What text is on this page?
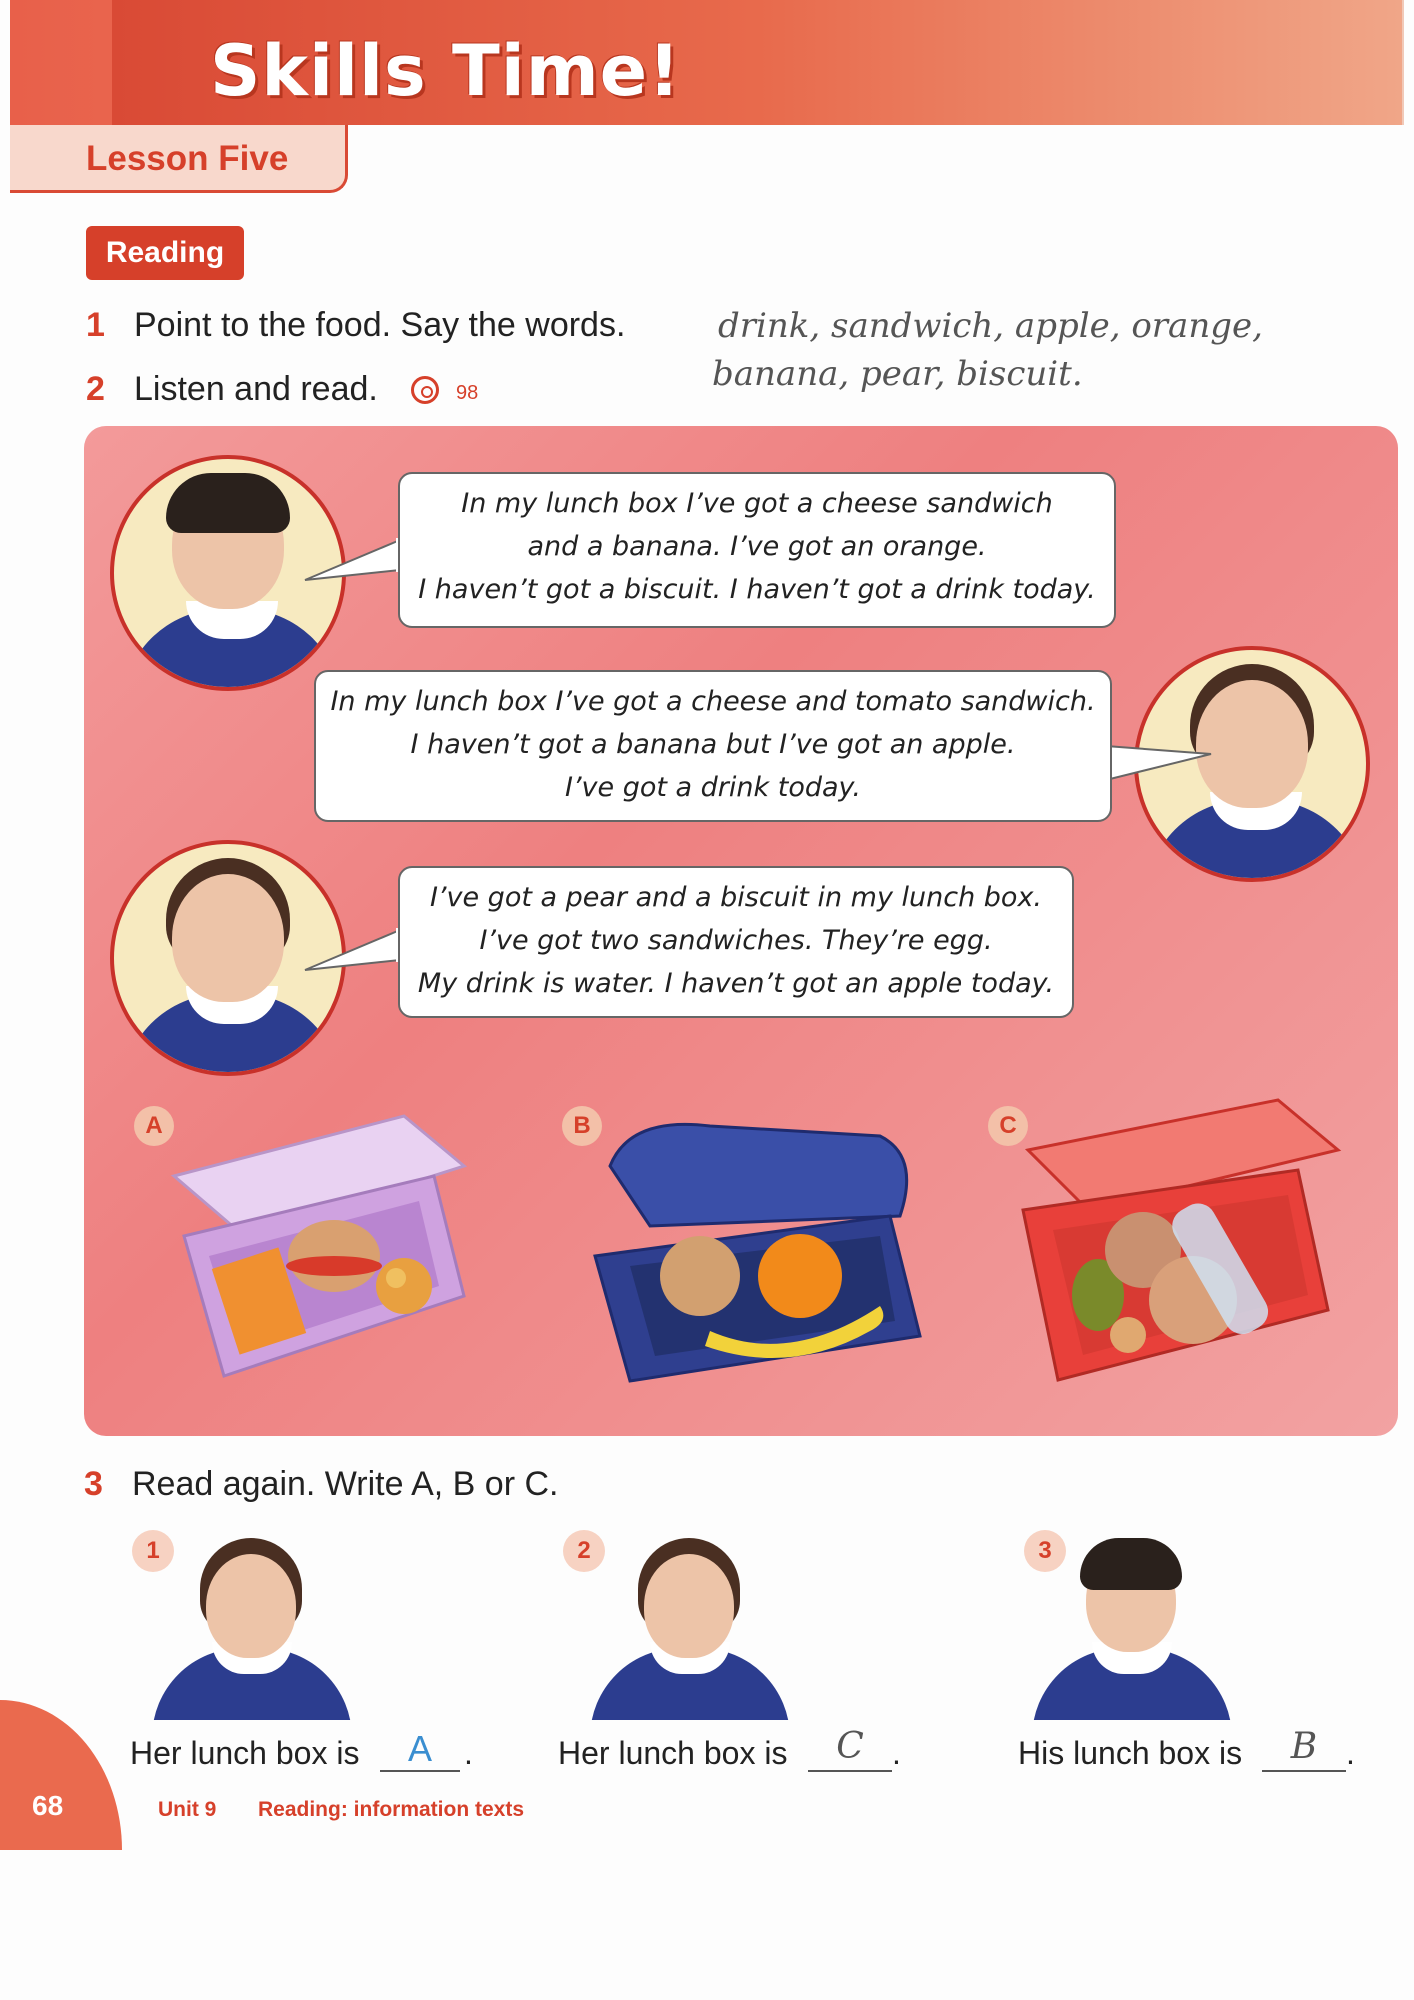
Skills Time!
Lesson Five
Reading
1 Point to the food. Say the words.
2 Listen and read.	98
drink, sandwich, apple, orange,
banana, pear, biscuit.
In my lunch box I’ve got a cheese sandwich
and a banana. I’ve got an orange.
I haven’t got a biscuit. I haven’t got a drink today.
In my lunch box I’ve got a cheese and tomato sandwich.
I haven’t got a banana but I’ve got an apple.
I’ve got a drink today.
I’ve got a pear and a biscuit in my lunch box.
I’ve got two sandwiches. They’re egg.
My drink is water. I haven’t got an apple today.
A	B	C
3 Read again. Write A, B or C.
1
Her lunch box is	A	.
2
Her lunch box is	C .
3
His lunch box is	B .
68	Unit 9 Reading: information texts
